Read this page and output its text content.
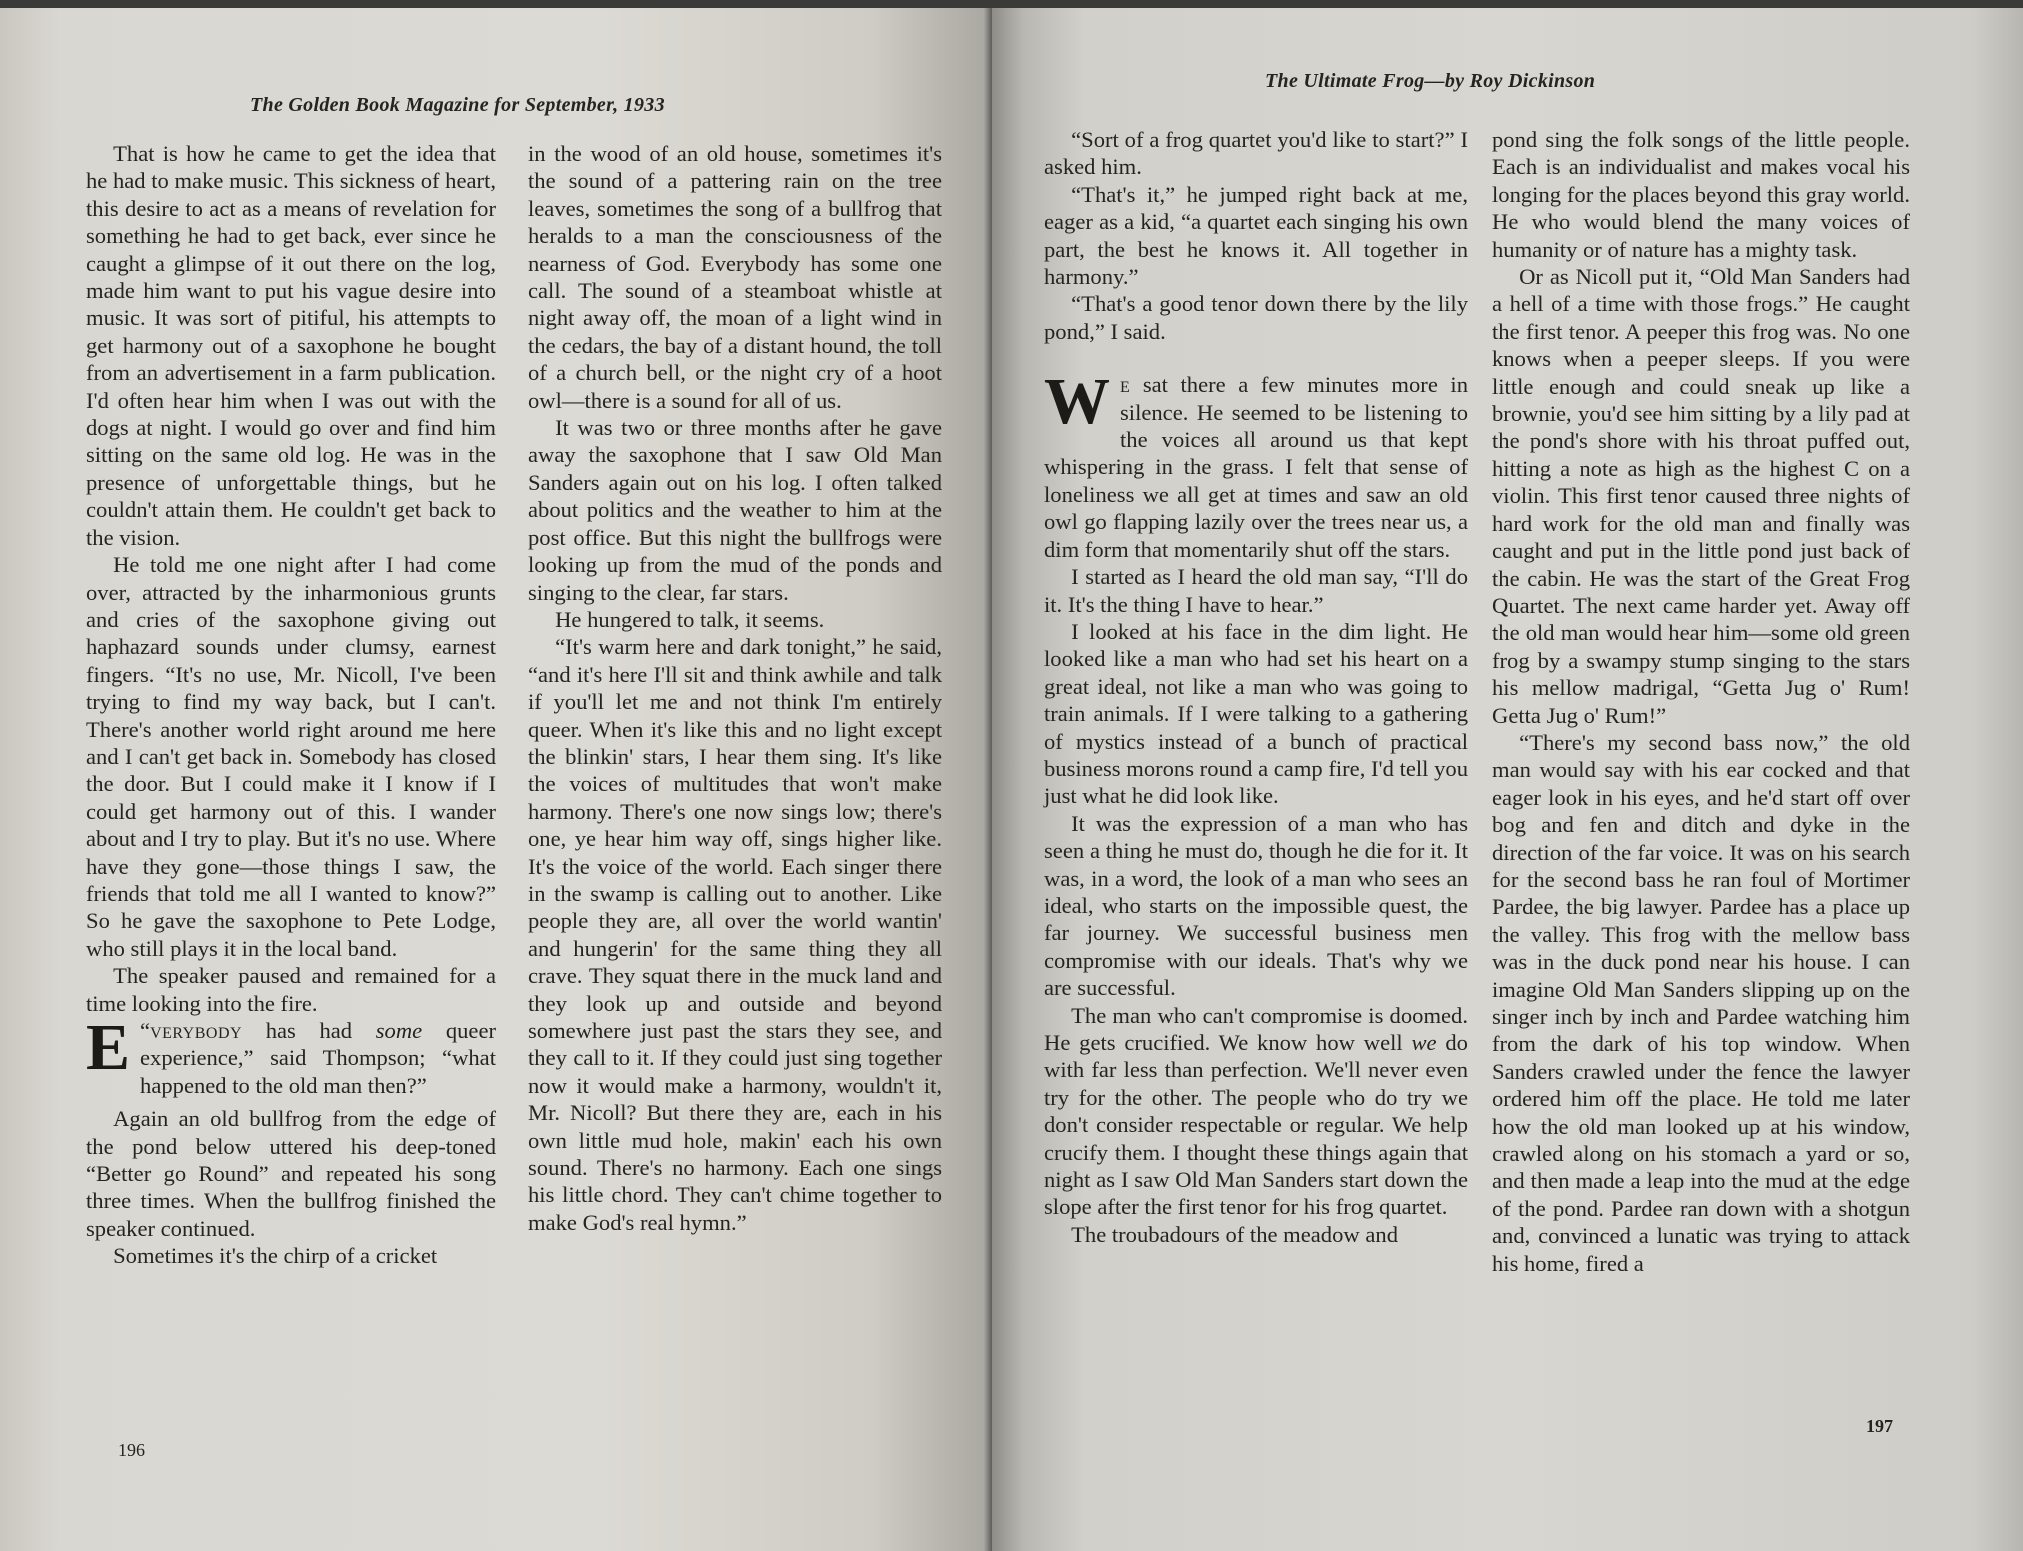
The Golden Book Magazine for September, 1933

That is how he came to get the idea that he had to make music. This sickness of heart, this desire to act as a means of revelation for something he had to get back, ever since he caught a glimpse of it out there on the log, made him want to put his vague desire into music. It was sort of pitiful, his attempts to get harmony out of a saxophone he bought from an advertisement in a farm publication. I'd often hear him when I was out with the dogs at night. I would go over and find him sitting on the same old log. He was in the presence of unforgettable things, but he couldn't attain them. He couldn't get back to the vision.

He told me one night after I had come over, attracted by the inharmonious grunts and cries of the saxophone giving out haphazard sounds under clumsy, earnest fingers. “It's no use, Mr. Nicoll, I've been trying to find my way back, but I can't. There's another world right around me here and I can't get back in. Somebody has closed the door. But I could make it I know if I could get harmony out of this. I wander about and I try to play. But it's no use. Where have they gone—those things I saw, the friends that told me all I wanted to know?” So he gave the saxophone to Pete Lodge, who still plays it in the local band.

The speaker paused and remained for a time looking into the fire.

“
E verybody has had some queer experience,” said Thompson; “what happened to the old man then?”

Again an old bullfrog from the edge of the pond below uttered his deep-toned “Better go Round” and repeated his song three times. When the bullfrog finished the speaker continued.

Sometimes it's the chirp of a cricket

in the wood of an old house, sometimes it's the sound of a pattering rain on the tree leaves, sometimes the song of a bullfrog that heralds to a man the consciousness of the nearness of God. Everybody has some one call. The sound of a steamboat whistle at night away off, the moan of a light wind in the cedars, the bay of a distant hound, the toll of a church bell, or the night cry of a hoot owl—there is a sound for all of us.

It was two or three months after he gave away the saxophone that I saw Old Man Sanders again out on his log. I often talked about politics and the weather to him at the post office. But this night the bullfrogs were looking up from the mud of the ponds and singing to the clear, far stars.

He hungered to talk, it seems.

“It's warm here and dark tonight,” he said, “and it's here I'll sit and think awhile and talk if you'll let me and not think I'm entirely queer. When it's like this and no light except the blinkin' stars, I hear them sing. It's like the voices of multitudes that won't make harmony. There's one now sings low; there's one, ye hear him way off, sings higher like. It's the voice of the world. Each singer there in the swamp is calling out to another. Like people they are, all over the world wantin' and hungerin' for the same thing they all crave. They squat there in the muck land and they look up and outside and beyond somewhere just past the stars they see, and they call to it. If they could just sing together now it would make a harmony, wouldn't it, Mr. Nicoll? But there they are, each in his own little mud hole, makin' each his own sound. There's no harmony. Each one sings his little chord. They can't chime together to make God's real hymn.”

196
The Ultimate Frog—by Roy Dickinson

“Sort of a frog quartet you'd like to start?” I asked him.

“That's it,” he jumped right back at me, eager as a kid, “a quartet each singing his own part, the best he knows it. All together in harmony.”

“That's a good tenor down there by the lily pond,” I said.

We sat there a few minutes more in silence. He seemed to be listening to the voices all around us that kept whispering in the grass. I felt that sense of loneliness we all get at times and saw an old owl go flapping lazily over the trees near us, a dim form that momentarily shut off the stars.

I started as I heard the old man say, “I'll do it. It's the thing I have to hear.”

I looked at his face in the dim light. He looked like a man who had set his heart on a great ideal, not like a man who was going to train animals. If I were talking to a gathering of mystics instead of a bunch of practical business morons round a camp fire, I'd tell you just what he did look like.

It was the expression of a man who has seen a thing he must do, though he die for it. It was, in a word, the look of a man who sees an ideal, who starts on the impossible quest, the far journey. We successful business men compromise with our ideals. That's why we are successful.

The man who can't compromise is doomed. He gets crucified. We know how well we do with far less than perfection. We'll never even try for the other. The people who do try we don't consider respectable or regular. We help crucify them. I thought these things again that night as I saw Old Man Sanders start down the slope after the first tenor for his frog quartet.

The troubadours of the meadow and

pond sing the folk songs of the little people. Each is an individualist and makes vocal his longing for the places beyond this gray world. He who would blend the many voices of humanity or of nature has a mighty task.

Or as Nicoll put it, “Old Man Sanders had a hell of a time with those frogs.” He caught the first tenor. A peeper this frog was. No one knows when a peeper sleeps. If you were little enough and could sneak up like a brownie, you'd see him sitting by a lily pad at the pond's shore with his throat puffed out, hitting a note as high as the highest C on a violin. This first tenor caused three nights of hard work for the old man and finally was caught and put in the little pond just back of the cabin. He was the start of the Great Frog Quartet. The next came harder yet. Away off the old man would hear him—some old green frog by a swampy stump singing to the stars his mellow madrigal, “Getta Jug o' Rum! Getta Jug o' Rum!”

“There's my second bass now,” the old man would say with his ear cocked and that eager look in his eyes, and he'd start off over bog and fen and ditch and dyke in the direction of the far voice. It was on his search for the second bass he ran foul of Mortimer Pardee, the big lawyer. Pardee has a place up the valley. This frog with the mellow bass was in the duck pond near his house. I can imagine Old Man Sanders slipping up on the singer inch by inch and Pardee watching him from the dark of his top window. When Sanders crawled under the fence the lawyer ordered him off the place. He told me later how the old man looked up at his window, crawled along on his stomach a yard or so, and then made a leap into the mud at the edge of the pond. Pardee ran down with a shotgun and, convinced a lunatic was trying to attack his home, fired a

197
